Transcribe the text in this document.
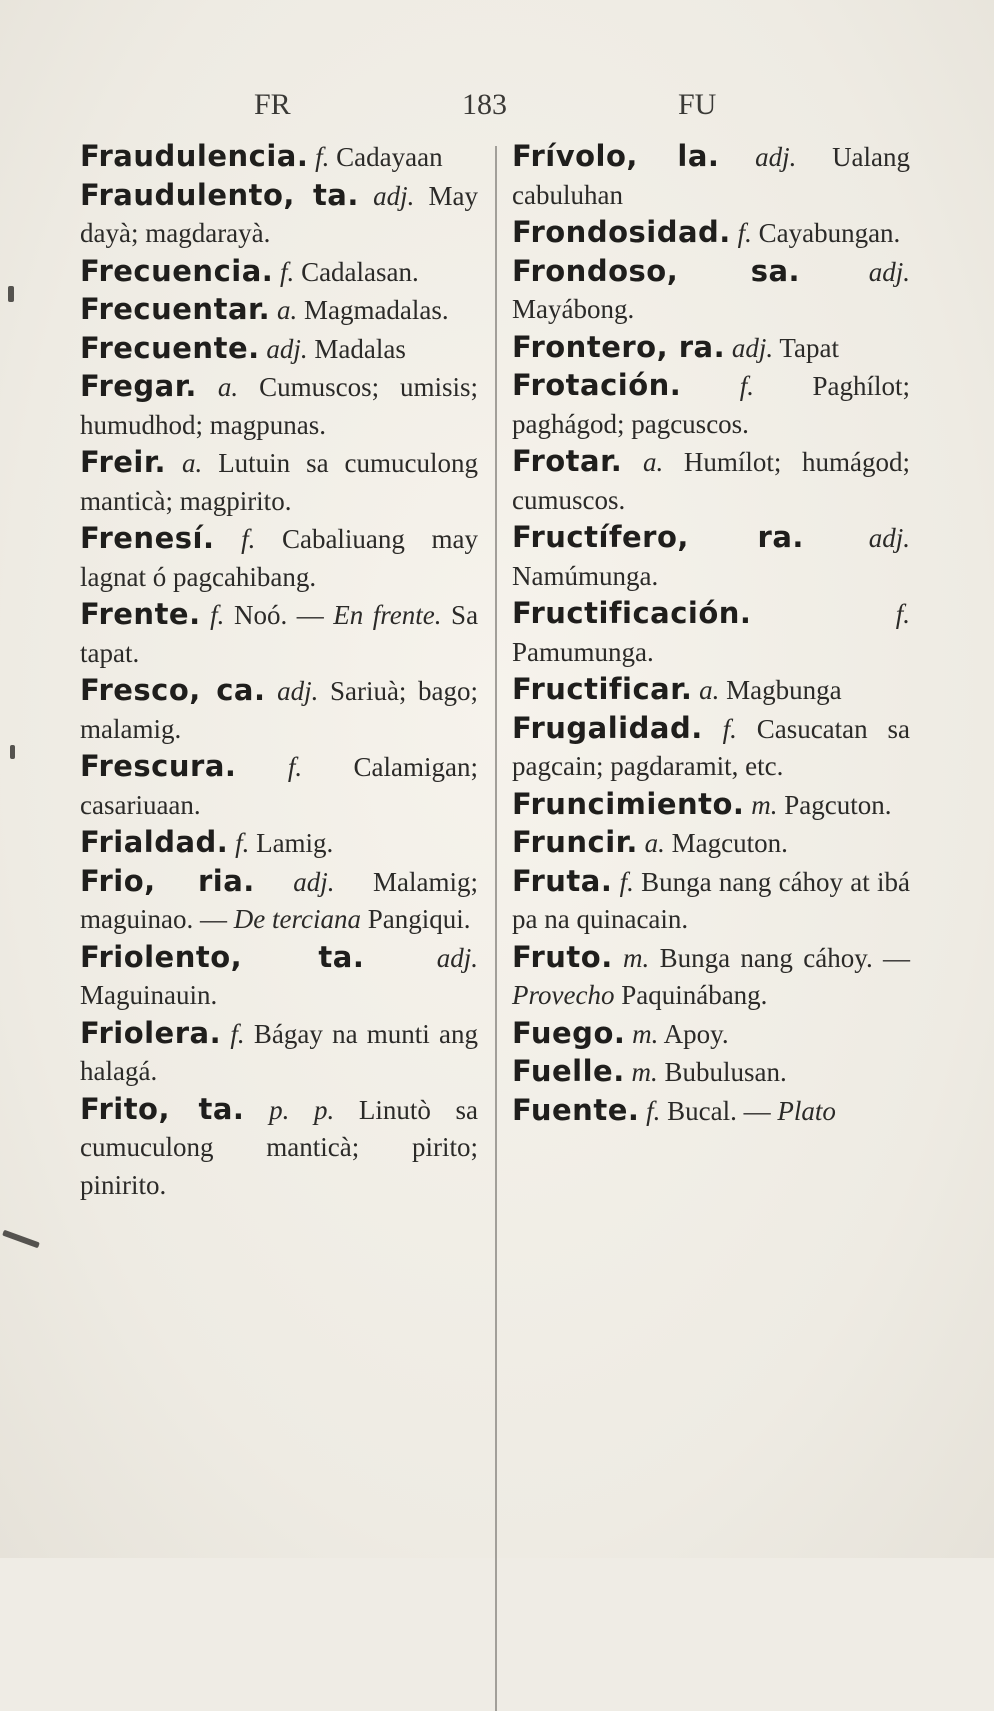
FR	183	FU

Fraudulencia. f. Cadayaan

Fraudulento, ta. adj. May dayà; magdarayà.

Frecuencia. f. Cadalasan.

Frecuentar. a. Magmadalas.

Frecuente. adj. Madalas

Fregar. a. Cumuscos; umisis; humudhod; magpunas.

Freir. a. Lutuin sa cumuculong manticà; magpirito.

Frenesí. f. Cabaliuang may lagnat ó pagcahibang.

Frente. f. Noó. — En frente. Sa tapat.

Fresco, ca. adj. Sariuà; bago; malamig.

Frescura. f. Calamigan; casariuaan.

Frialdad. f. Lamig.

Frio, ria. adj. Malamig; maguinao. — De terciana Pangiqui.

Friolento, ta.	adj. Maguinauin.

Friolera. f. Bágay na munti ang halagá.

Frito, ta. p. p. Linutò sa cumuculong manticà; pirito; pinirito.

Frívolo, la. adj. Ualang cabuluhan

Frondosidad. f. Cayabungan.

Frondoso, sa.	adj. Mayábong.

Frontero, ra. adj. Tapat

Frotación. f. Paghílot; paghágod; pagcuscos.

Frotar. a. Humílot; humágod; cumuscos.

Fructífero, ra. adj. Namúmunga.

Fructificación.	f. Pamumunga.

Fructificar. a. Magbunga

Frugalidad. f. Casucatan sa pagcain; pagdaramit, etc.

Fruncimiento. m. Pagcuton.

Fruncir. a. Magcuton.

Fruta. f. Bunga nang cáhoy at ibá pa na quinacain.

Fruto. m. Bunga nang cáhoy. — Provecho Paquinábang.

Fuego. m. Apoy.

Fuelle. m. Bubulusan.

Fuente. f. Bucal. — Plato
